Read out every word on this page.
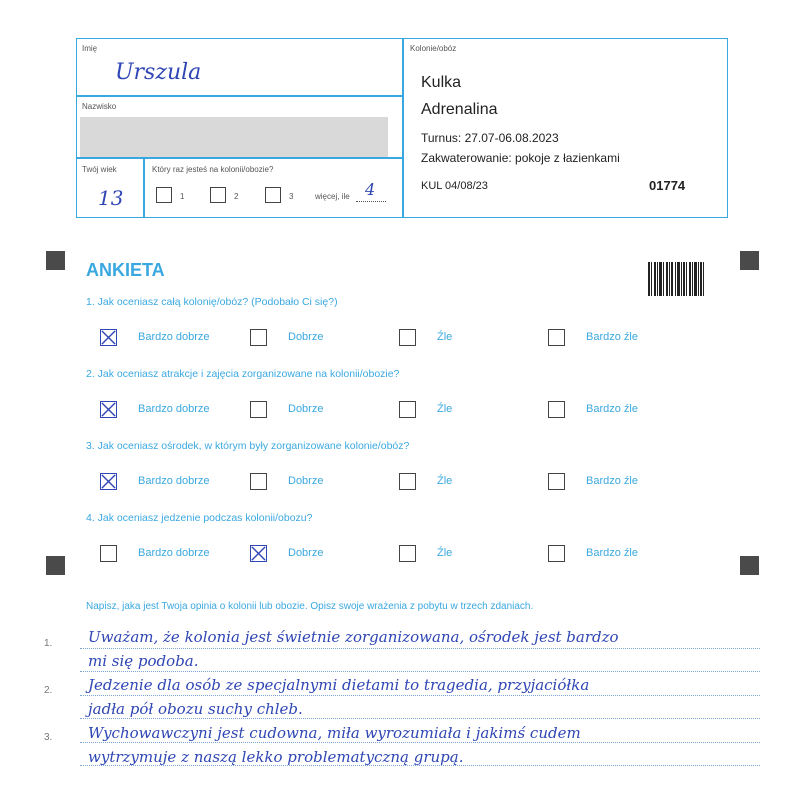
Imię
Urszula
Nazwisko
Twój wiek
13
Który raz jesteś na kolonii/obozie?
1	2	3	więcej, ile 4
Kolonie/obóz
Kulka
Adrenalina
Turnus: 27.07-06.08.2023
Zakwaterowanie: pokoje z łazienkami
KUL 04/08/23	01774
ANKIETA
1. Jak oceniasz całą kolonię/obóz? (Podobało Ci się?)
Bardzo dobrze	Dobrze	Źle	Bardzo źle
2. Jak oceniasz atrakcje i zajęcia zorganizowane na kolonii/obozie?
Bardzo dobrze	Dobrze	Źle	Bardzo źle
3. Jak oceniasz ośrodek, w którym były zorganizowane kolonie/obóz?
Bardzo dobrze	Dobrze	Źle	Bardzo źle
4. Jak oceniasz jedzenie podczas kolonii/obozu?
Bardzo dobrze	Dobrze	Źle	Bardzo źle
Napisz, jaka jest Twoja opinia o kolonii lub obozie. Opisz swoje wrażenia z pobytu w trzech zdaniach.
1.
2.
3.
Uważam, że kolonia jest świetnie zorganizowana, ośrodek jest bardzo
mi się podoba.
Jedzenie dla osób ze specjalnymi dietami to tragedia, przyjaciółka
jadła pół obozu suchy chleb.
Wychowawczyni jest cudowna, miła wyrozumiała i jakimś cudem
wytrzymuje z naszą lekko problematyczną grupą.
